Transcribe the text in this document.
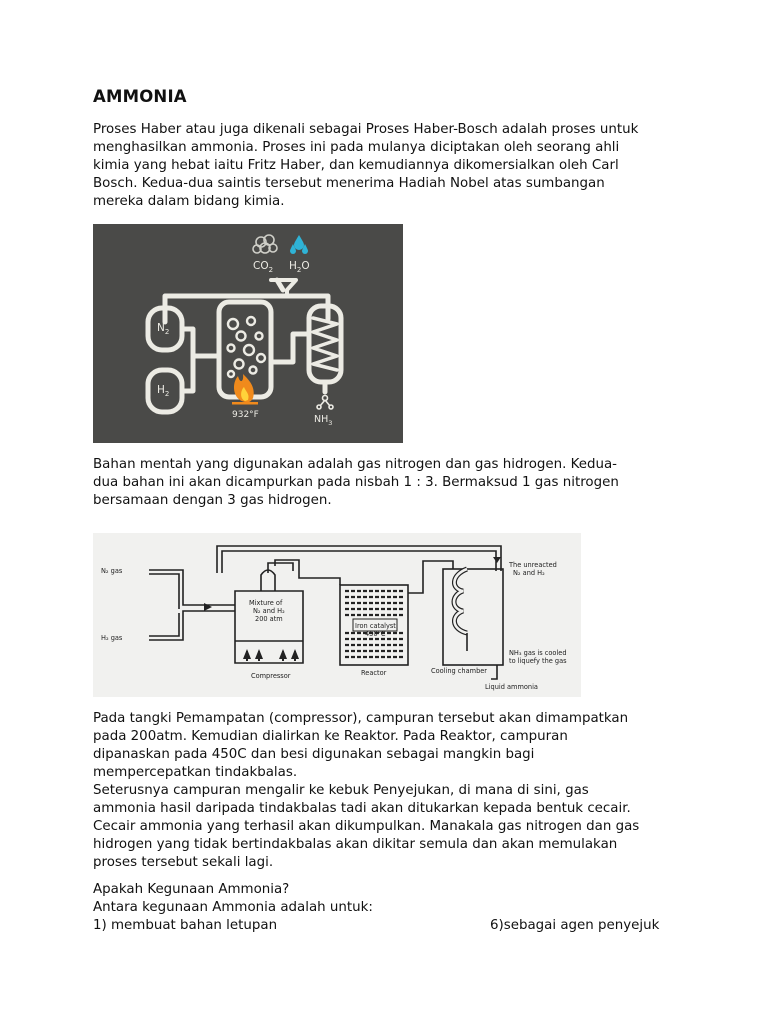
AMMONIA

Proses Haber atau juga dikenali sebagai Proses Haber-Bosch adalah proses untuk
menghasilkan ammonia. Proses ini pada mulanya diciptakan oleh seorang ahli
kimia yang hebat iaitu Fritz Haber, dan kemudiannya dikomersialkan oleh Carl
Bosch. Kedua-dua saintis tersebut menerima Hadiah Nobel atas sumbangan
mereka dalam bidang kimia.

$N_2$
$H_2$
$CO_2$ $H_2O$
932°F	$NH_3$

Bahan mentah yang digunakan adalah gas nitrogen dan gas hidrogen. Kedua-
dua bahan ini akan dicampurkan pada nisbah 1 : 3. Bermaksud 1 gas nitrogen
bersamaan dengan 3 gas hidrogen.

N₂ gas
H₂ gas
Mixture of
N₂ and H₂
200 atm
Compressor
Iron catalyst
450°C
Reactor	Cooling chamber
The unreacted
N₂ and H₂
NH₃ gas is cooled
to liquefy the gas
Liquid ammonia

Pada tangki Pemampatan (compressor), campuran tersebut akan dimampatkan
pada 200atm. Kemudian dialirkan ke Reaktor. Pada Reaktor, campuran
dipanaskan pada 450C dan besi digunakan sebagai mangkin bagi
mempercepatkan tindakbalas.
Seterusnya campuran mengalir ke kebuk Penyejukan, di mana di sini, gas
ammonia hasil daripada tindakbalas tadi akan ditukarkan kepada bentuk cecair.
Cecair ammonia yang terhasil akan dikumpulkan. Manakala gas nitrogen dan gas
hidrogen yang tidak bertindakbalas akan dikitar semula dan akan memulakan
proses tersebut sekali lagi.

Apakah Kegunaan Ammonia?
Antara kegunaan Ammonia adalah untuk:

1) membuat bahan letupan	6)sebagai agen penyejuk
